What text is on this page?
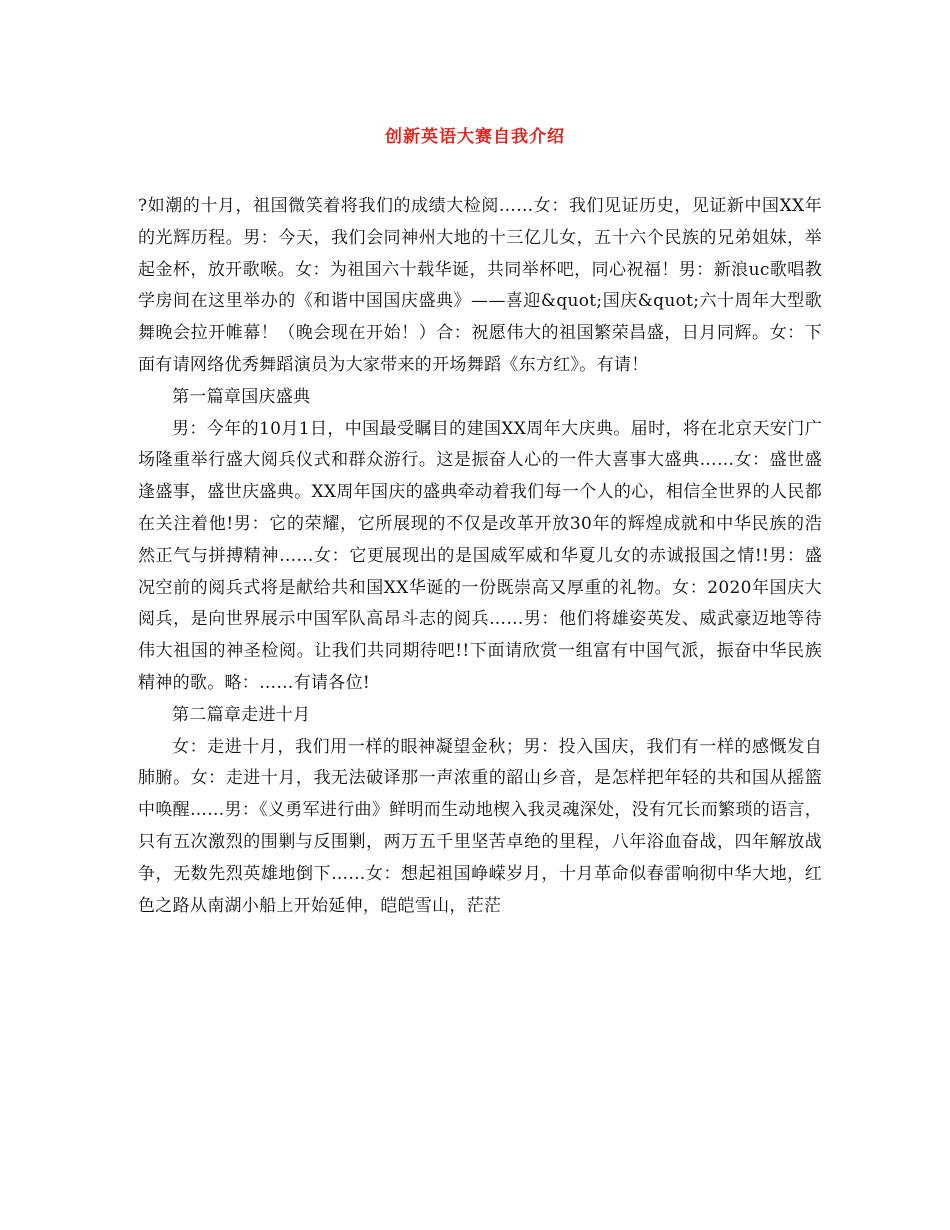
创新英语大赛自我介绍

?如潮的十月，祖国微笑着将我们的成绩大检阅……女：我们见证历史，见证新中国XX年的光辉历程。男：今天，我们会同神州大地的十三亿儿女，五十六个民族的兄弟姐妹，举起金杯，放开歌喉。女：为祖国六十载华诞，共同举杯吧，同心祝福！男：新浪uc歌唱教学房间在这里举办的《和谐中国国庆盛典》——喜迎&quot;国庆&quot;六十周年大型歌舞晚会拉开帷幕！（晚会现在开始！）合：祝愿伟大的祖国繁荣昌盛，日月同辉。女：下面有请网络优秀舞蹈演员为大家带来的开场舞蹈《东方红》。有请！

第一篇章国庆盛典

男：今年的10月1日，中国最受瞩目的建国XX周年大庆典。届时，将在北京天安门广场隆重举行盛大阅兵仪式和群众游行。这是振奋人心的一件大喜事大盛典……女：盛世盛逢盛事，盛世庆盛典。XX周年国庆的盛典牵动着我们每一个人的心，相信全世界的人民都在关注着他!男：它的荣耀，它所展现的不仅是改革开放30年的辉煌成就和中华民族的浩然正气与拼搏精神……女：它更展现出的是国威军威和华夏儿女的赤诚报国之情!!男：盛况空前的阅兵式将是献给共和国XX华诞的一份既崇高又厚重的礼物。女：2020年国庆大阅兵，是向世界展示中国军队高昂斗志的阅兵……男：他们将雄姿英发、威武豪迈地等待伟大祖国的神圣检阅。让我们共同期待吧!!下面请欣赏一组富有中国气派，振奋中华民族精神的歌。略：……有请各位!

第二篇章走进十月

女：走进十月，我们用一样的眼神凝望金秋；男：投入国庆，我们有一样的感慨发自肺腑。女：走进十月，我无法破译那一声浓重的韶山乡音，是怎样把年轻的共和国从摇篮中唤醒……男：《义勇军进行曲》鲜明而生动地楔入我灵魂深处，没有冗长而繁琐的语言，只有五次激烈的围剿与反围剿，两万五千里坚苦卓绝的里程，八年浴血奋战，四年解放战争，无数先烈英雄地倒下……女：想起祖国峥嵘岁月，十月革命似春雷响彻中华大地，红色之路从南湖小船上开始延伸，皑皑雪山，茫茫
